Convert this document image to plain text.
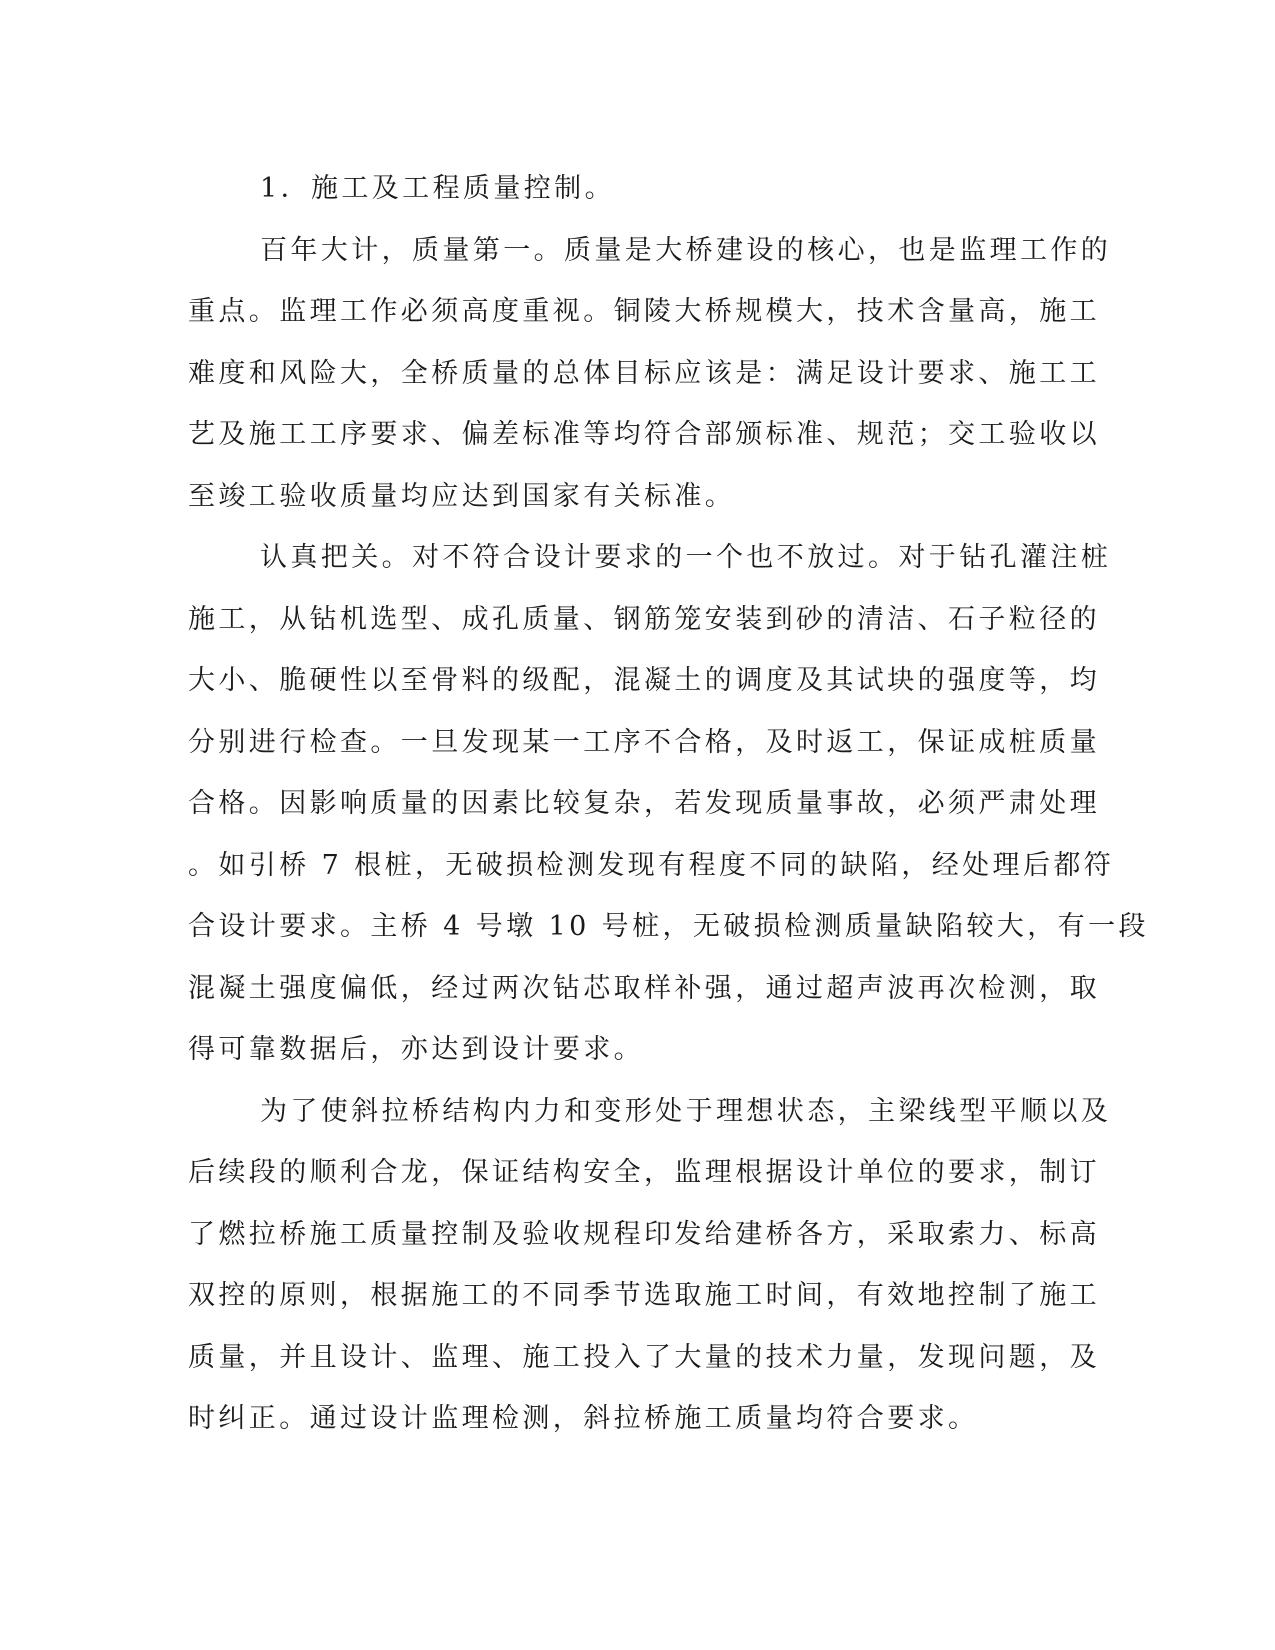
1．施工及工程质量控制。
百年大计，质量第一。质量是大桥建设的核心，也是监理工作的
重点。监理工作必须高度重视。铜陵大桥规模大，技术含量高，施工
难度和风险大，全桥质量的总体目标应该是：满足设计要求、施工工
艺及施工工序要求、偏差标准等均符合部颁标准、规范；交工验收以
至竣工验收质量均应达到国家有关标准。
认真把关。对不符合设计要求的一个也不放过。对于钻孔灌注桩
施工，从钻机选型、成孔质量、钢筋笼安装到砂的清洁、石子粒径的
大小、脆硬性以至骨料的级配，混凝土的调度及其试块的强度等，均
分别进行检查。一旦发现某一工序不合格，及时返工，保证成桩质量
合格。因影响质量的因素比较复杂，若发现质量事故，必须严肃处理
。如引桥 7 根桩，无破损检测发现有程度不同的缺陷，经处理后都符
合设计要求。主桥 4 号墩 10 号桩，无破损检测质量缺陷较大，有一段
混凝土强度偏低，经过两次钻芯取样补强，通过超声波再次检测，取
得可靠数据后，亦达到设计要求。
为了使斜拉桥结构内力和变形处于理想状态，主梁线型平顺以及
后续段的顺利合龙，保证结构安全，监理根据设计单位的要求，制订
了燃拉桥施工质量控制及验收规程印发给建桥各方，采取索力、标高
双控的原则，根据施工的不同季节选取施工时间，有效地控制了施工
质量，并且设计、监理、施工投入了大量的技术力量，发现问题，及
时纠正。通过设计监理检测，斜拉桥施工质量均符合要求。
